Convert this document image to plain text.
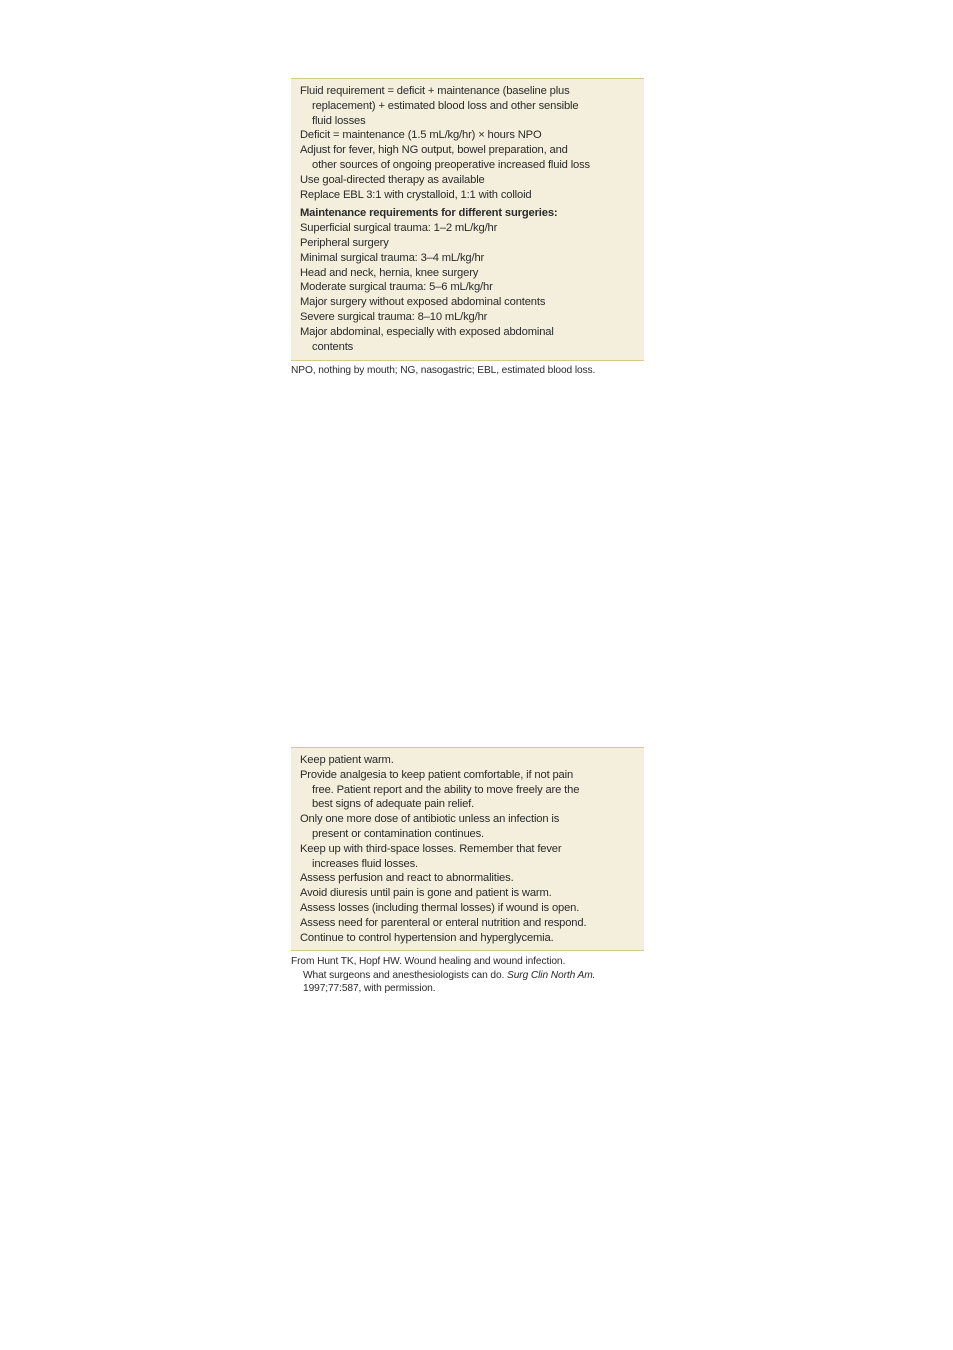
Fluid requirement = deficit + maintenance (baseline plus
replacement) + estimated blood loss and other sensible
fluid losses
Deficit = maintenance (1.5 mL/kg/hr) × hours NPO
Adjust for fever, high NG output, bowel preparation, and
other sources of ongoing preoperative increased fluid loss
Use goal-directed therapy as available
Replace EBL 3:1 with crystalloid, 1:1 with colloid
Maintenance requirements for different surgeries:
Superficial surgical trauma: 1–2 mL/kg/hr
Peripheral surgery
Minimal surgical trauma: 3–4 mL/kg/hr
Head and neck, hernia, knee surgery
Moderate surgical trauma: 5–6 mL/kg/hr
Major surgery without exposed abdominal contents
Severe surgical trauma: 8–10 mL/kg/hr
Major abdominal, especially with exposed abdominal
contents
NPO, nothing by mouth; NG, nasogastric; EBL, estimated blood loss.
Keep patient warm.
Provide analgesia to keep patient comfortable, if not pain
free. Patient report and the ability to move freely are the
best signs of adequate pain relief.
Only one more dose of antibiotic unless an infection is
present or contamination continues.
Keep up with third-space losses. Remember that fever
increases fluid losses.
Assess perfusion and react to abnormalities.
Avoid diuresis until pain is gone and patient is warm.
Assess losses (including thermal losses) if wound is open.
Assess need for parenteral or enteral nutrition and respond.
Continue to control hypertension and hyperglycemia.
From Hunt TK, Hopf HW. Wound healing and wound infection.
What surgeons and anesthesiologists can do. Surg Clin North Am.
1997;77:587, with permission.
